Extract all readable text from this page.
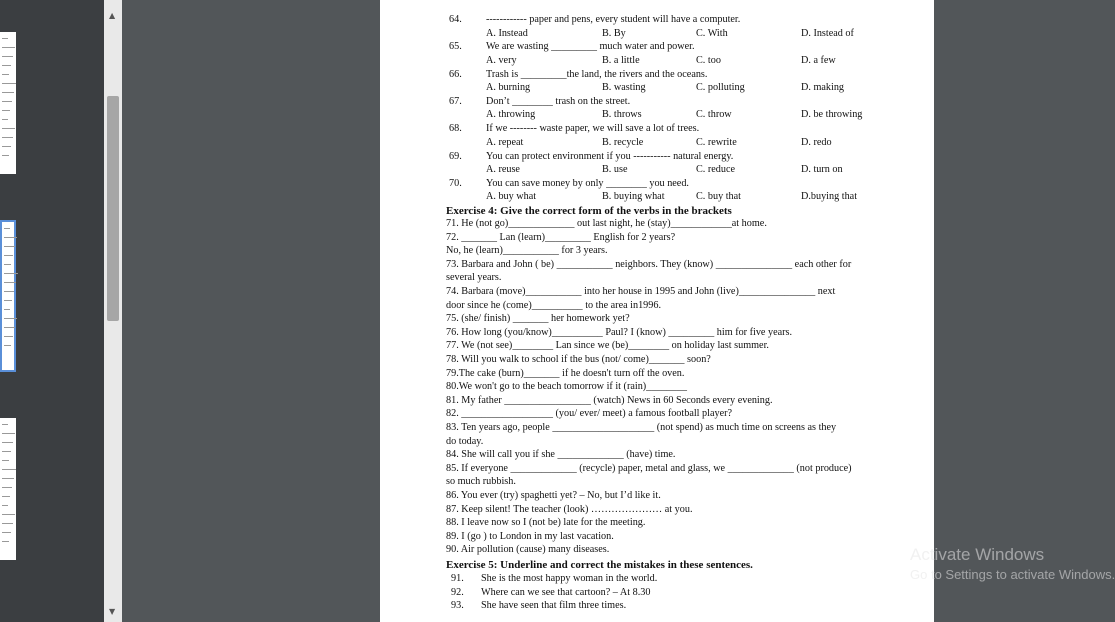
▲
▼
64. ------------ paper and pens, every student will have a computer.
A. Instead	B. By	C. With	D. Instead of
65. We are wasting _________ much water and power.
A. very	B. a little	C. too	D. a few
66. Trash is _________the land, the rivers and the oceans.
A. burning	B. wasting	C. polluting	D. making
67. Don’t ________ trash on the street.
A. throwing	B. throws	C. throw	D. be throwing
68. If we -------- waste paper, we will save a lot of trees.
A. repeat	B. recycle	C. rewrite	D. redo
69. You can protect environment if you ----------- natural energy.
A. reuse	B. use	C. reduce	D. turn on
70. You can save money by only ________ you need.
A. buy what	B. buying what	C. buy that	D.buying that
Exercise 4: Give the correct form of the verbs in the brackets
71. He (not go)_____________ out last night, he (stay)____________at home.
72. _______ Lan (learn)_________ English for 2 years?
No, he (learn)___________ for 3 years.
73. Barbara and John ( be) ___________ neighbors. They (know) _______________ each other for
several years.
74. Barbara (move)___________ into her house in 1995 and John (live)_______________ next
door since he (come)__________ to the area in1996.
75. (she/ finish) _______ her homework yet?
76. How long (you/know)__________ Paul? I (know) _________ him for five years.
77. We (not see)________ Lan since we (be)________ on holiday last summer.
78. Will you walk to school if the bus (not/ come)_______ soon?
79.The cake (burn)_______ if he doesn't turn off the oven.
80.We won't go to the beach tomorrow if it (rain)________
81. My father _________________ (watch) News in 60 Seconds every evening.
82. __________________ (you/ ever/ meet) a famous football player?
83. Ten years ago, people ____________________ (not spend) as much time on screens as they
do today.
84. She will call you if she _____________ (have) time.
85. If everyone _____________ (recycle) paper, metal and glass, we _____________ (not produce)
so much rubbish.
86. You ever (try) spaghetti yet? – No, but I’d like it.
87. Keep silent! The teacher (look) ………………… at you.
88. I leave now so I (not be) late for the meeting.
89. I (go ) to London in my last vacation.
90. Air pollution (cause) many diseases.
Exercise 5: Underline and correct the mistakes in these sentences.
91. She is the most happy woman in the world.
92. Where can we see that cartoon? – At 8.30
93. She have seen that film three times.
Activate Windows
Go to Settings to activate Windows.
